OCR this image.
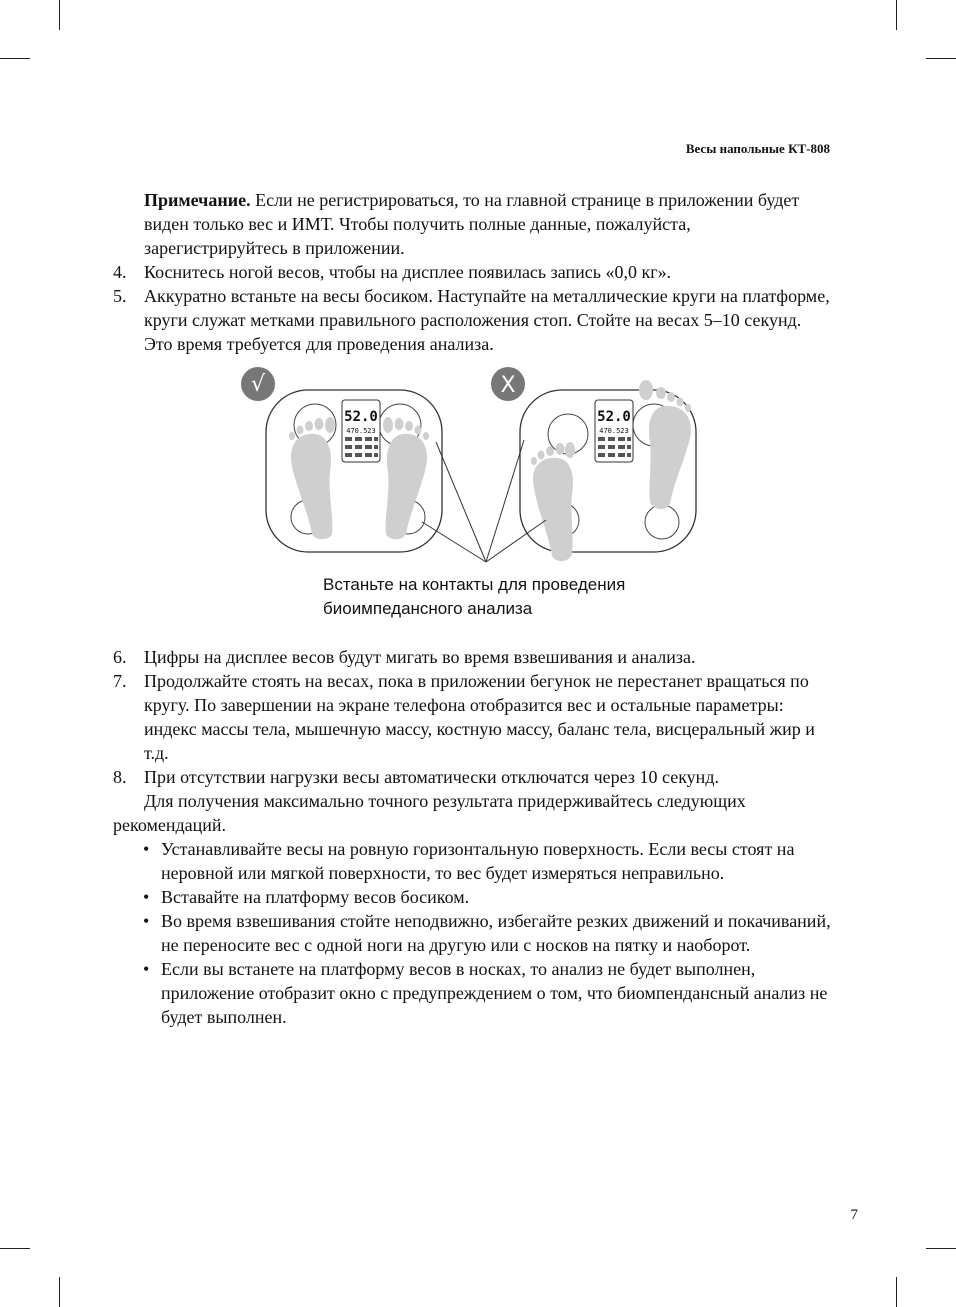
Весы напольные КТ-808
Примечание. Если не регистрироваться, то на главной странице в приложении будет виден только вес и ИМТ. Чтобы получить полные данные, пожалуйста, зарегистрируйтесь в приложении.
4. Коснитесь ногой весов, чтобы на дисплее появилась запись «0,0 кг».
5. Аккуратно встаньте на весы босиком. Наступайте на металлические круги на платформе, круги служат метками правильного расположения стоп. Стойте на весах 5–10 секунд. Это время требуется для проведения анализа.
√	X
52.0
470.523
52.0
470.523
Встаньте на контакты для проведения
биоимпедансного анализа
6. Цифры на дисплее весов будут мигать во время взвешивания и анализа.
7. Продолжайте стоять на весах, пока в приложении бегунок не перестанет вращаться по кругу. По завершении на экране телефона отобразится вес и остальные параметры: индекс массы тела, мышечную массу, костную массу, баланс тела, висцеральный жир и т.д.
8. При отсутствии нагрузки весы автоматически отключатся через 10 секунд.
Для получения максимально точного результата придерживайтесь следующих рекомендаций.
• Устанавливайте весы на ровную горизонтальную поверхность. Если весы стоят на неровной или мягкой поверхности, то вес будет измеряться неправильно.
• Вставайте на платформу весов босиком.
• Во время взвешивания стойте неподвижно, избегайте резких движений и покачиваний, не переносите вес с одной ноги на другую или с носков на пятку и наоборот.
• Если вы встанете на платформу весов в носках, то анализ не будет выполнен, приложение отобразит окно с предупреждением о том, что биомпендансный анализ не будет выполнен.
7
